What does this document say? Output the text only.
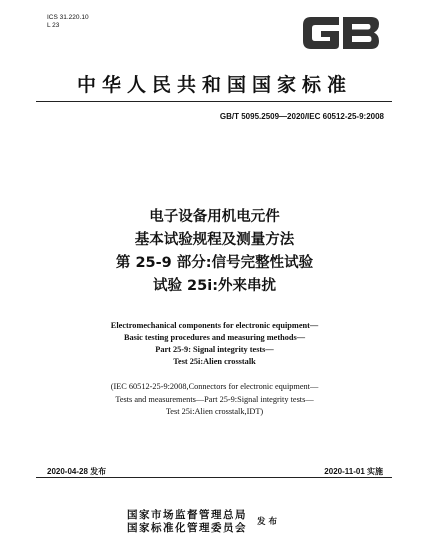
ICS 31.220.10
L 23
中华人民共和国国家标准
GB/T 5095.2509—2020/IEC 60512-25-9:2008
电子设备用机电元件
基本试验规程及测量方法
第 25-9 部分:信号完整性试验
试验 25i:外来串扰
Electromechanical components for electronic equipment—
Basic testing procedures and measuring methods—
Part 25-9: Signal integrity tests—
Test 25i:Alien crosstalk
(IEC 60512-25-9:2008,Connectors for electronic equipment—
Tests and measurements—Part 25-9:Signal integrity tests—
Test 25i:Alien crosstalk,IDT)
2020-04-28 发布	2020-11-01 实施
国家市场监督管理总局
国家标准化管理委员会 发布
